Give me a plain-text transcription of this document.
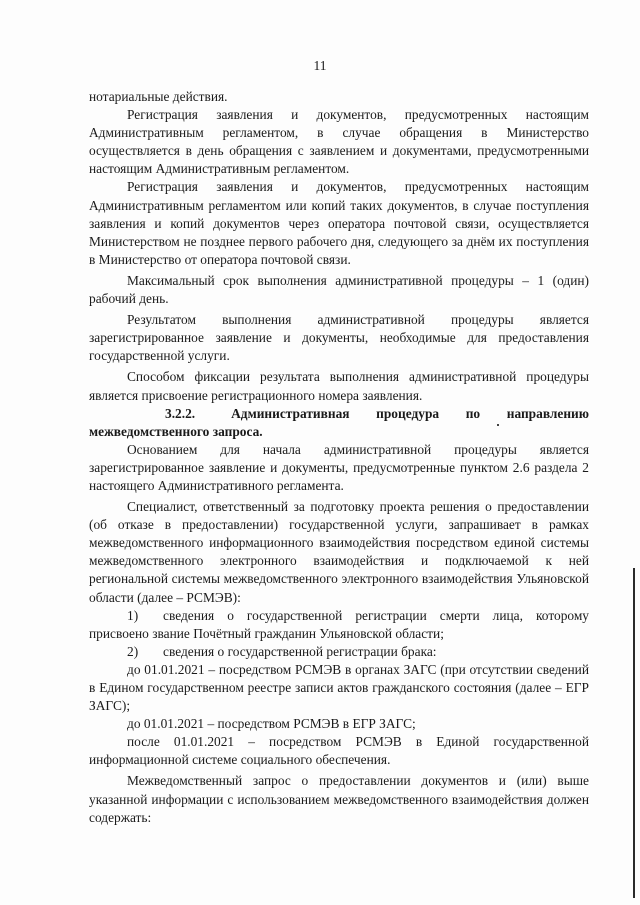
11

нотариальные действия.

Регистрация заявления и документов, предусмотренных настоящим Административным регламентом, в случае обращения в Министерство осуществляется в день обращения с заявлением и документами, предусмотренными настоящим Административным регламентом.

Регистрация заявления и документов, предусмотренных настоящим Административным регламентом или копий таких документов, в случае поступления заявления и копий документов через оператора почтовой связи, осуществляется Министерством не позднее первого рабочего дня, следующего за днём их поступления в Министерство от оператора почтовой связи.

Максимальный срок выполнения административной процедуры – 1 (один) рабочий день.

Результатом выполнения административной процедуры является зарегистрированное заявление и документы, необходимые для предоставления государственной услуги.

Способом фиксации результата выполнения административной процедуры является присвоение регистрационного номера заявления.

3.2.2.	Административная процедура по направлению межведомственного запроса.

Основанием для начала административной процедуры является зарегистрированное заявление и документы, предусмотренные пунктом 2.6 раздела 2 настоящего Административного регламента.

Специалист, ответственный за подготовку проекта решения о предоставлении (об отказе в предоставлении) государственной услуги, запрашивает в рамках межведомственного информационного взаимодействия посредством единой системы межведомственного электронного взаимодействия и подключаемой к ней региональной системы межведомственного электронного взаимодействия Ульяновской области (далее – РСМЭВ):

1) сведения о государственной регистрации смерти лица, которому присвоено звание Почётный гражданин Ульяновской области;

2) сведения о государственной регистрации брака:

до 01.01.2021 – посредством РСМЭВ в органах ЗАГС (при отсутствии сведений в Едином государственном реестре записи актов гражданского состояния (далее – ЕГР ЗАГС);

до 01.01.2021 – посредством РСМЭВ в ЕГР ЗАГС;

после 01.01.2021 – посредством РСМЭВ в Единой государственной информационной системе социального обеспечения.

Межведомственный запрос о предоставлении документов и (или) выше указанной информации с использованием межведомственного взаимодействия должен содержать:
